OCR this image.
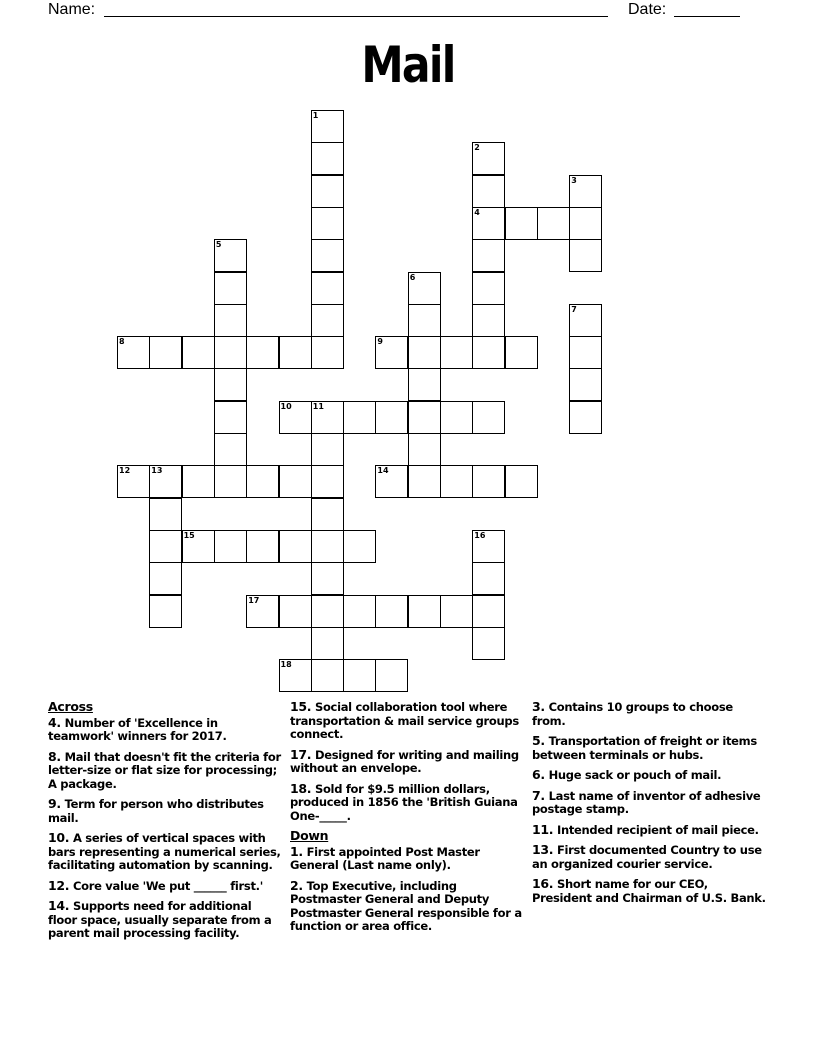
Name:	Date:
Mail
1
2
4
3
5
6
7
8	9
10	11
12	13	14
15	16
17
18
Across
4. Number of 'Excellence in teamwork' winners for 2017.
8. Mail that doesn't fit the criteria for letter-size or flat size for processing; A package.
9. Term for person who distributes mail.
10. A series of vertical spaces with bars representing a numerical series, facilitating automation by scanning.
12. Core value 'We put ______ first.'
14. Supports need for additional floor space, usually separate from a parent mail processing facility.
15. Social collaboration tool where transportation & mail service groups connect.
17. Designed for writing and mailing without an envelope.
18. Sold for $9.5 million dollars, produced in 1856 the 'British Guiana One-_____.
Down
1. First appointed Post Master General (Last name only).
2. Top Executive, including Postmaster General and Deputy Postmaster General responsible for a function or area office.
3. Contains 10 groups to choose from.
5. Transportation of freight or items between terminals or hubs.
6. Huge sack or pouch of mail.
7. Last name of inventor of adhesive postage stamp.
11. Intended recipient of mail piece.
13. First documented Country to use an organized courier service.
16. Short name for our CEO, President and Chairman of U.S. Bank.
